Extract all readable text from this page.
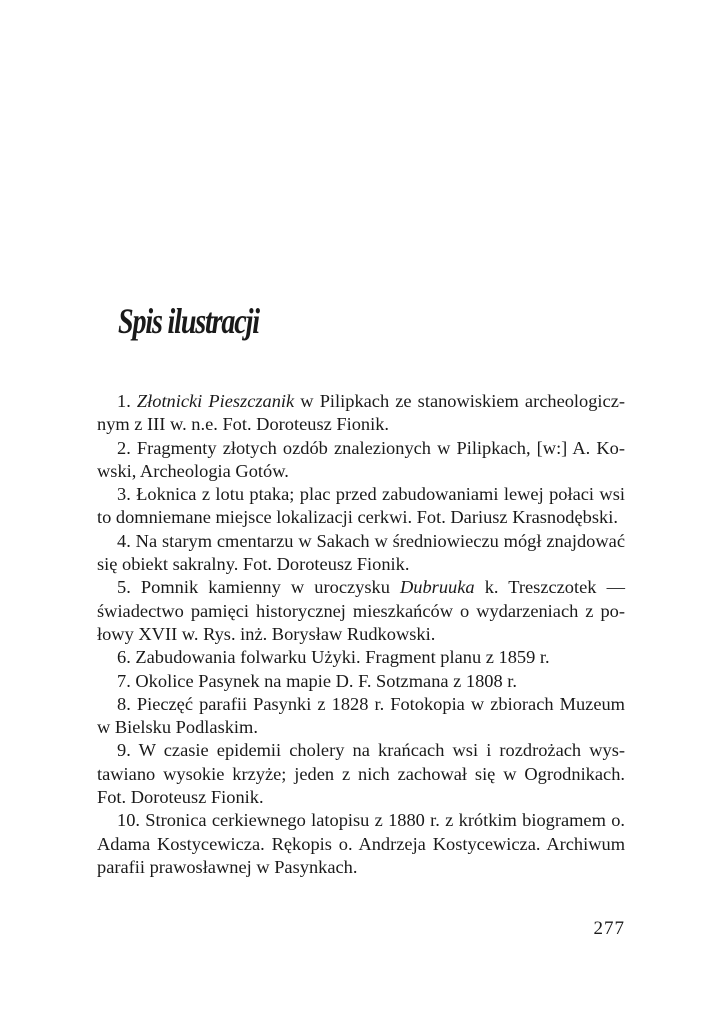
Spis ilustracji
1. Złotnicki Pieszczanik w Pilipkach ze stanowiskiem archeologicznym z III w. n.e. Fot. Doroteusz Fionik.
2. Fragmenty złotych ozdób znalezionych w Pilipkach, [w:] A. Kowski, Archeologia Gotów.
3. Łoknica z lotu ptaka; plac przed zabudowaniami lewej połaci wsi to domniemane miejsce lokalizacji cerkwi. Fot. Dariusz Krasnodębski.
4. Na starym cmentarzu w Sakach w średniowieczu mógł znajdować się obiekt sakralny. Fot. Doroteusz Fionik.
5. Pomnik kamienny w uroczysku Dubruuka k. Treszczotek — świadectwo pamięci historycznej mieszkańców o wydarzeniach z połowy XVII w. Rys. inż. Borysław Rudkowski.
6. Zabudowania folwarku Użyki. Fragment planu z 1859 r.
7. Okolice Pasynek na mapie D. F. Sotzmana z 1808 r.
8. Pieczęć parafii Pasynki z 1828 r. Fotokopia w zbiorach Muzeum w Bielsku Podlaskim.
9. W czasie epidemii cholery na krańcach wsi i rozdrożach wystawiano wysokie krzyże; jeden z nich zachował się w Ogrodnikach. Fot. Doroteusz Fionik.
10. Stronica cerkiewnego latopisu z 1880 r. z krótkim biogramem o. Adama Kostycewicza. Rękopis o. Andrzeja Kostycewicza. Archiwum parafii prawosławnej w Pasynkach.
277
